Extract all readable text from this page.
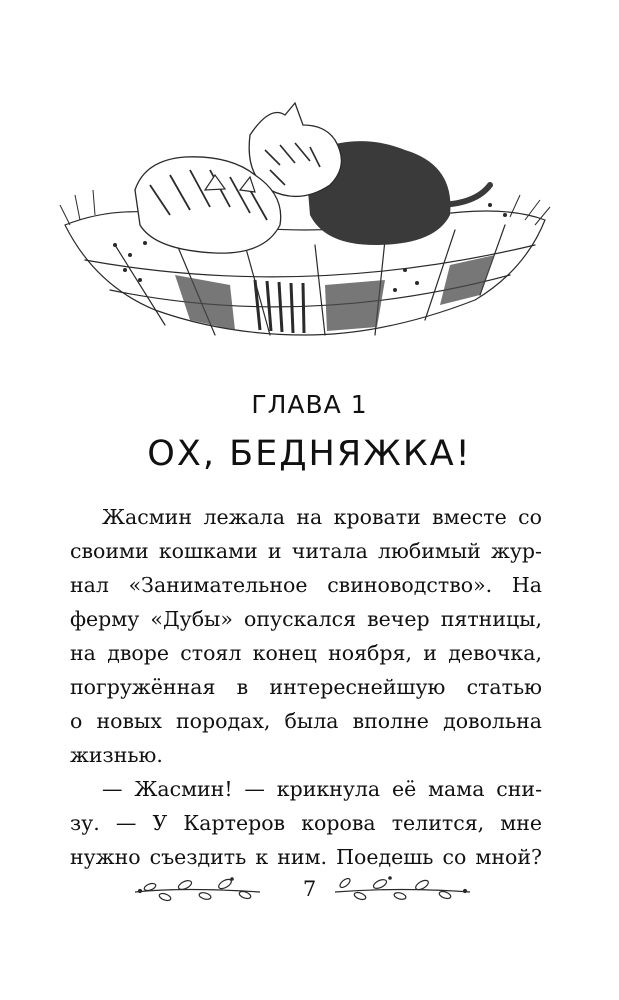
ГЛАВА 1
ОХ, БЕДНЯЖКА!

Жасмин лежала на кровати вместе со
своими кошками и читала любимый жур-
нал «Занимательное свиноводство». На
ферму «Дубы» опускался вечер пятницы,
на дворе стоял конец ноября, и девочка,
погружённая в интереснейшую статью
о новых породах, была вполне довольна
жизнью.

— Жасмин! — крикнула её мама сни-
зу. — У Картеров корова телится, мне
нужно съездить к ним. Поедешь со мной?

7
